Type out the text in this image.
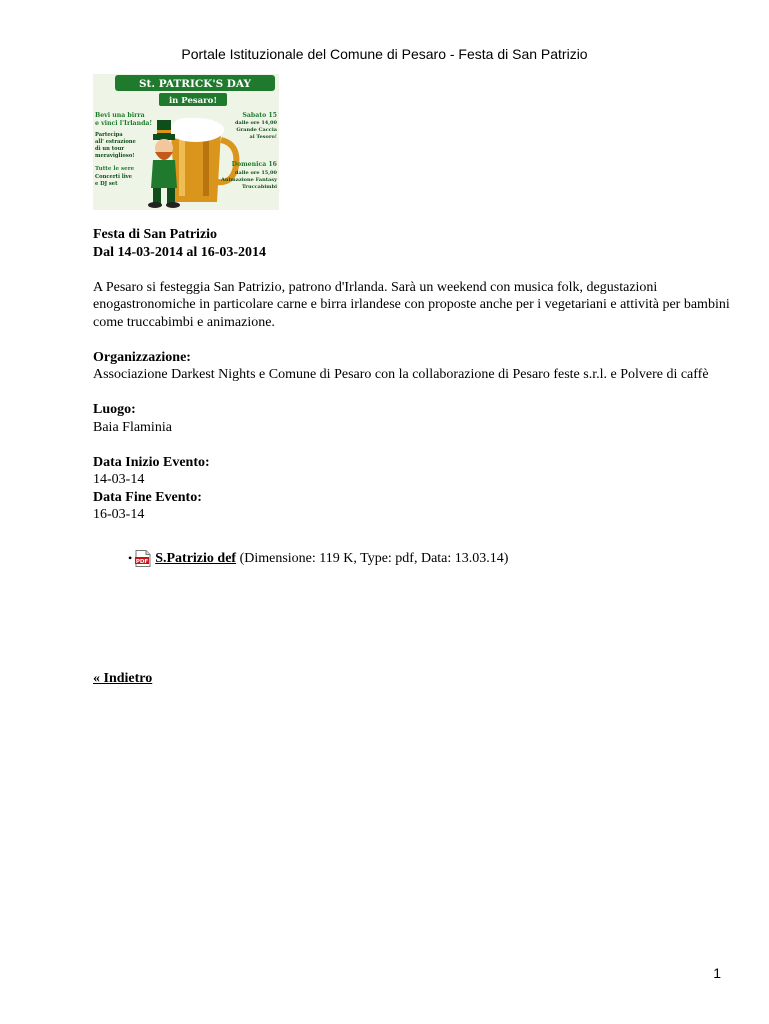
Portale Istituzionale del Comune di Pesaro - Festa di San Patrizio
St. PATRICK'S DAY
in Pesaro!
Bevi una birra
e vinci l'Irlanda!
Partecipa
all' estrazione
di un tour
meraviglioso!
Tutte le sere
Concerti live
e DJ set
Sabato 15
dalle ore 14,00
Grande Caccia
al Tesoro!
Domenica 16
dalle ore 15,00
Animazione Fantasy
Truccabimbi

Festa di San Patrizio

Dal 14-03-2014 al 16-03-2014

A Pesaro si festeggia San Patrizio, patrono d'Irlanda. Sarà un weekend con musica folk, degustazioni enogastronomiche in particolare carne e birra irlandese con proposte anche per i vegetariani e attività per bambini come truccabimbi e animazione.

Organizzazione:

Associazione Darkest Nights e Comune di Pesaro con la collaborazione di Pesaro feste s.r.l. e Polvere di caffè

Luogo:

Baia Flaminia

Data Inizio Evento:

14-03-14

Data Fine Evento:

16-03-14

• PDF S.Patrizio def (Dimensione: 119 K, Type: pdf, Data: 13.03.14)
« Indietro
1
